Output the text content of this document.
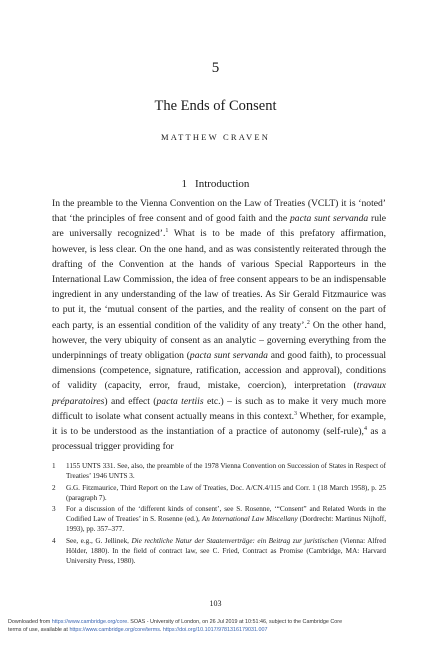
5
The Ends of Consent
MATTHEW CRAVEN
1 Introduction

In the preamble to the Vienna Convention on the Law of Treaties (VCLT) it is ‘noted’ that ‘the principles of free consent and of good faith and the pacta sunt servanda rule are universally recognized’.$^1$ What is to be made of this prefatory affirmation, however, is less clear. On the one hand, and as was consistently reiterated through the drafting of the Convention at the hands of various Special Rapporteurs in the International Law Commission, the idea of free consent appears to be an indispensable ingredient in any understanding of the law of treaties. As Sir Gerald Fitzmaurice was to put it, the ‘mutual consent of the parties, and the reality of consent on the part of each party, is an essential condition of the validity of any treaty’.$^2$ On the other hand, however, the very ubiquity of consent as an analytic – governing everything from the underpinnings of treaty obligation (pacta sunt servanda and good faith), to processual dimensions (competence, signature, ratification, accession and approval), conditions of validity (capacity, error, fraud, mistake, coercion), interpretation (travaux préparatoires) and effect (pacta tertiis etc.) – is such as to make it very much more difficult to isolate what consent actually means in this context.$^3$ Whether, for example, it is to be understood as the instantiation of a practice of autonomy (self-rule),$^4$ as a processual trigger providing for

1	1155 UNTS 331. See, also, the preamble of the 1978 Vienna Convention on Succession of States in Respect of Treaties’ 1946 UNTS 3.
2	G.G. Fitzmaurice, Third Report on the Law of Treaties, Doc. A/CN.4/115 and Corr. 1 (18 March 1958), p. 25 (paragraph 7).
3	For a discussion of the ‘different kinds of consent’, see S. Rosenne, ‘“Consent” and Related Words in the Codified Law of Treaties’ in S. Rosenne (ed.), An International Law Miscellany (Dordrecht: Martinus Nijhoff, 1993), pp. 357–377.
4	See, e.g., G. Jellinek, Die rechtliche Natur der Staatenverträge: ein Beitrag zur juristischen (Vienna: Alfred Hölder, 1880). In the field of contract law, see C. Fried, Contract as Promise (Cambridge, MA: Harvard University Press, 1980).
103
Downloaded from https://www.cambridge.org/core. SOAS - University of London, on 26 Jul 2019 at 10:51:46, subject to the Cambridge Core
terms of use, available at https://www.cambridge.org/core/terms. https://doi.org/10.1017/9781316179031.007
